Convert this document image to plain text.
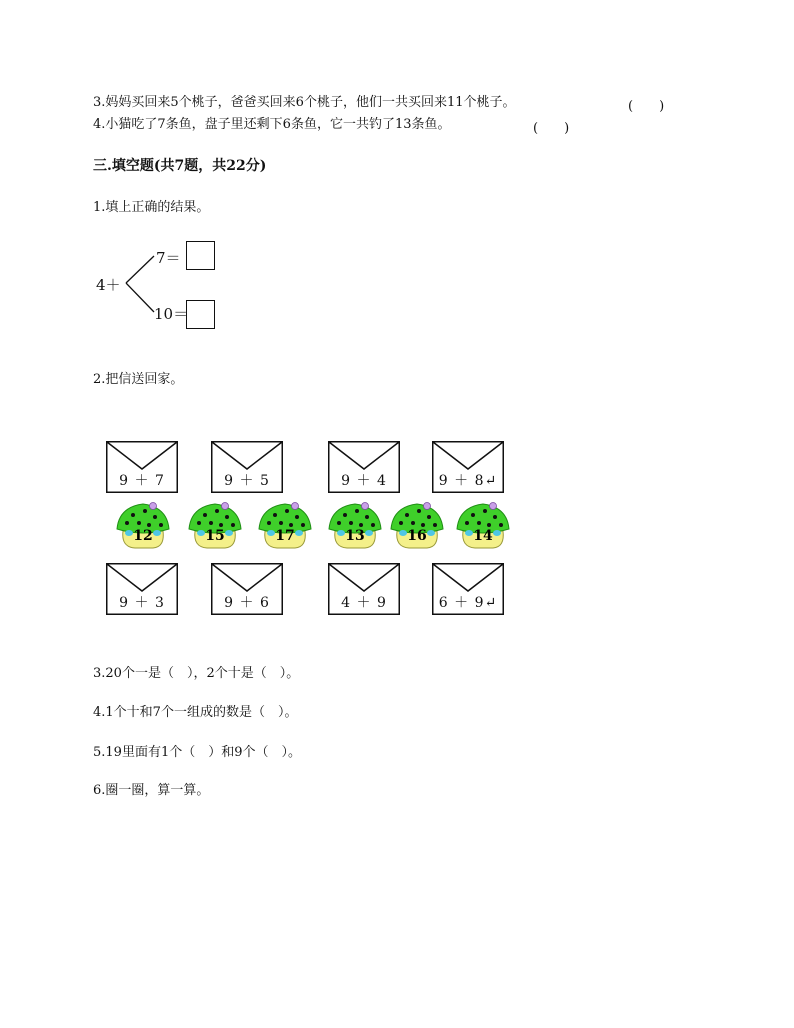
3.妈妈买回来5个桃子，爸爸买回来6个桃子，他们一共买回来11个桃子。	(　　)
4.小猫吃了7条鱼，盘子里还剩下6条鱼，它一共钓了13条鱼。	(　　)
三.填空题(共7题，共22分)
1.填上正确的结果。
4＋
7＝
10＝
2.把信送回家。
9 ＋ 7	9 ＋ 5	9 ＋ 4	9 ＋ 8↵
12	15	17	13	16	14
9 ＋ 3	9 ＋ 6	4 ＋ 9	6 ＋ 9↵
3.20个一是（　），2个十是（　）。
4.1个十和7个一组成的数是（　）。
5.19里面有1个（　）和9个（　）。
6.圈一圈，算一算。
